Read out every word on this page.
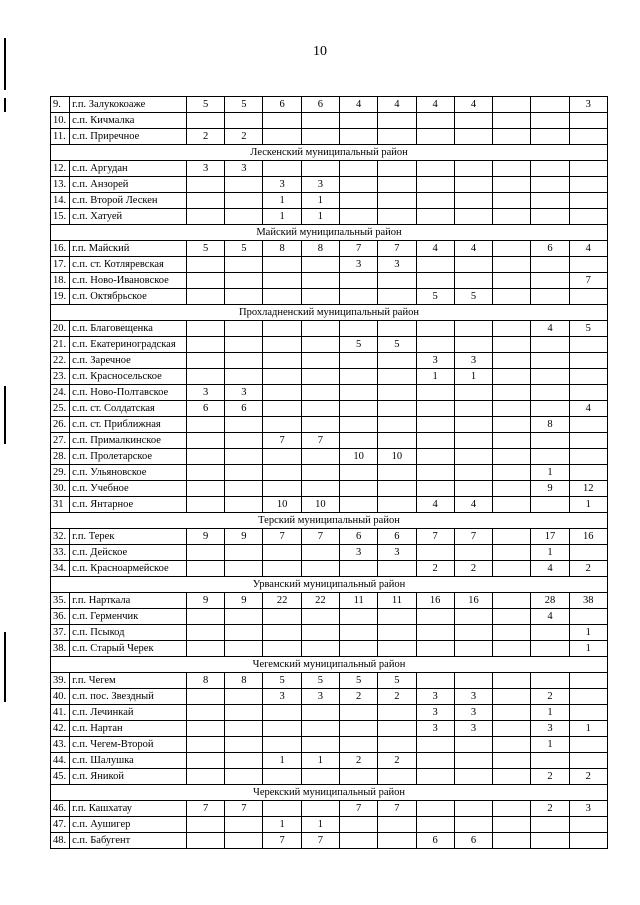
10
9.	г.п. Залукокоаже	5	5	6	6	4	4	4	4			3
10.	с.п. Кичмалка											
11.	с.п. Приречное	2	2									
Лескенский муниципальный район												
12.	с.п. Аргудан	3	3									
13.	с.п. Анзорей			3	3							
14.	с.п. Второй Лескен			1	1							
15.	с.п. Хатуей			1	1							
Майский муниципальный район												
16.	г.п. Майский	5	5	8	8	7	7	4	4		6	4
17.	с.п. ст. Котляревская					3	3					
18.	с.п. Ново-Ивановское											7
19.	с.п. Октябрьское							5	5			
Прохладненский муниципальный район												
20.	с.п. Благовещенка										4	5
21.	с.п. Екатериноградская					5	5					
22.	с.п. Заречное							3	3			
23.	с.п. Красносельское							1	1			
24.	с.п. Ново-Полтавское	3	3									
25.	с.п. ст. Солдатская	6	6									4
26.	с.п. ст. Приближная										8	
27.	с.п. Прималкинское			7	7							
28.	с.п. Пролетарское					10	10					
29.	с.п. Ульяновское										1	
30.	с.п. Учебное										9	12
31	с.п. Янтарное			10	10			4	4			1
Терский муниципальный район												
32.	г.п. Терек	9	9	7	7	6	6	7	7		17	16
33.	с.п. Дейское					3	3				1	
34.	с.п. Красноармейское							2	2		4	2
Урванский муниципальный район												
35.	г.п. Нарткала	9	9	22	22	11	11	16	16		28	38
36.	с.п. Герменчик										4	
37.	с.п. Псыкод											1
38.	с.п. Старый Черек											1
Чегемский муниципальный район												
39.	г.п. Чегем	8	8	5	5	5	5					
40.	с.п. пос. Звездный			3	3	2	2	3	3		2	
41.	с.п. Лечинкай							3	3		1	
42.	с.п. Нартан							3	3		3	1
43.	с.п. Чегем-Второй										1	
44.	с.п. Шалушка			1	1	2	2					
45.	с.п. Яникой										2	2
Черекский муниципальный район												
46.	г.п. Кашхатау	7	7			7	7				2	3
47.	с.п. Аушигер			1	1							
48.	с.п. Бабугент			7	7			6	6			
